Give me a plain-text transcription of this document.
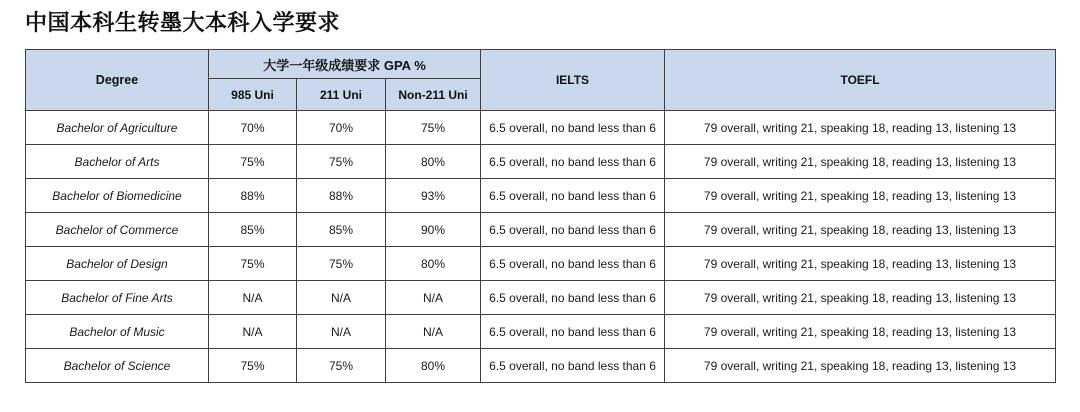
中国本科生转墨大本科入学要求
Degree	大学一年级成绩要求 GPA %			IELTS	TOEFL
	985 Uni	211 Uni	Non-211 Uni		
Bachelor of Agriculture	70%	70%	75%	6.5 overall, no band less than 6	79 overall, writing 21, speaking 18, reading 13, listening 13
Bachelor of Arts	75%	75%	80%	6.5 overall, no band less than 6	79 overall, writing 21, speaking 18, reading 13, listening 13
Bachelor of Biomedicine	88%	88%	93%	6.5 overall, no band less than 6	79 overall, writing 21, speaking 18, reading 13, listening 13
Bachelor of Commerce	85%	85%	90%	6.5 overall, no band less than 6	79 overall, writing 21, speaking 18, reading 13, listening 13
Bachelor of Design	75%	75%	80%	6.5 overall, no band less than 6	79 overall, writing 21, speaking 18, reading 13, listening 13
Bachelor of Fine Arts	N/A	N/A	N/A	6.5 overall, no band less than 6	79 overall, writing 21, speaking 18, reading 13, listening 13
Bachelor of Music	N/A	N/A	N/A	6.5 overall, no band less than 6	79 overall, writing 21, speaking 18, reading 13, listening 13
Bachelor of Science	75%	75%	80%	6.5 overall, no band less than 6	79 overall, writing 21, speaking 18, reading 13, listening 13
